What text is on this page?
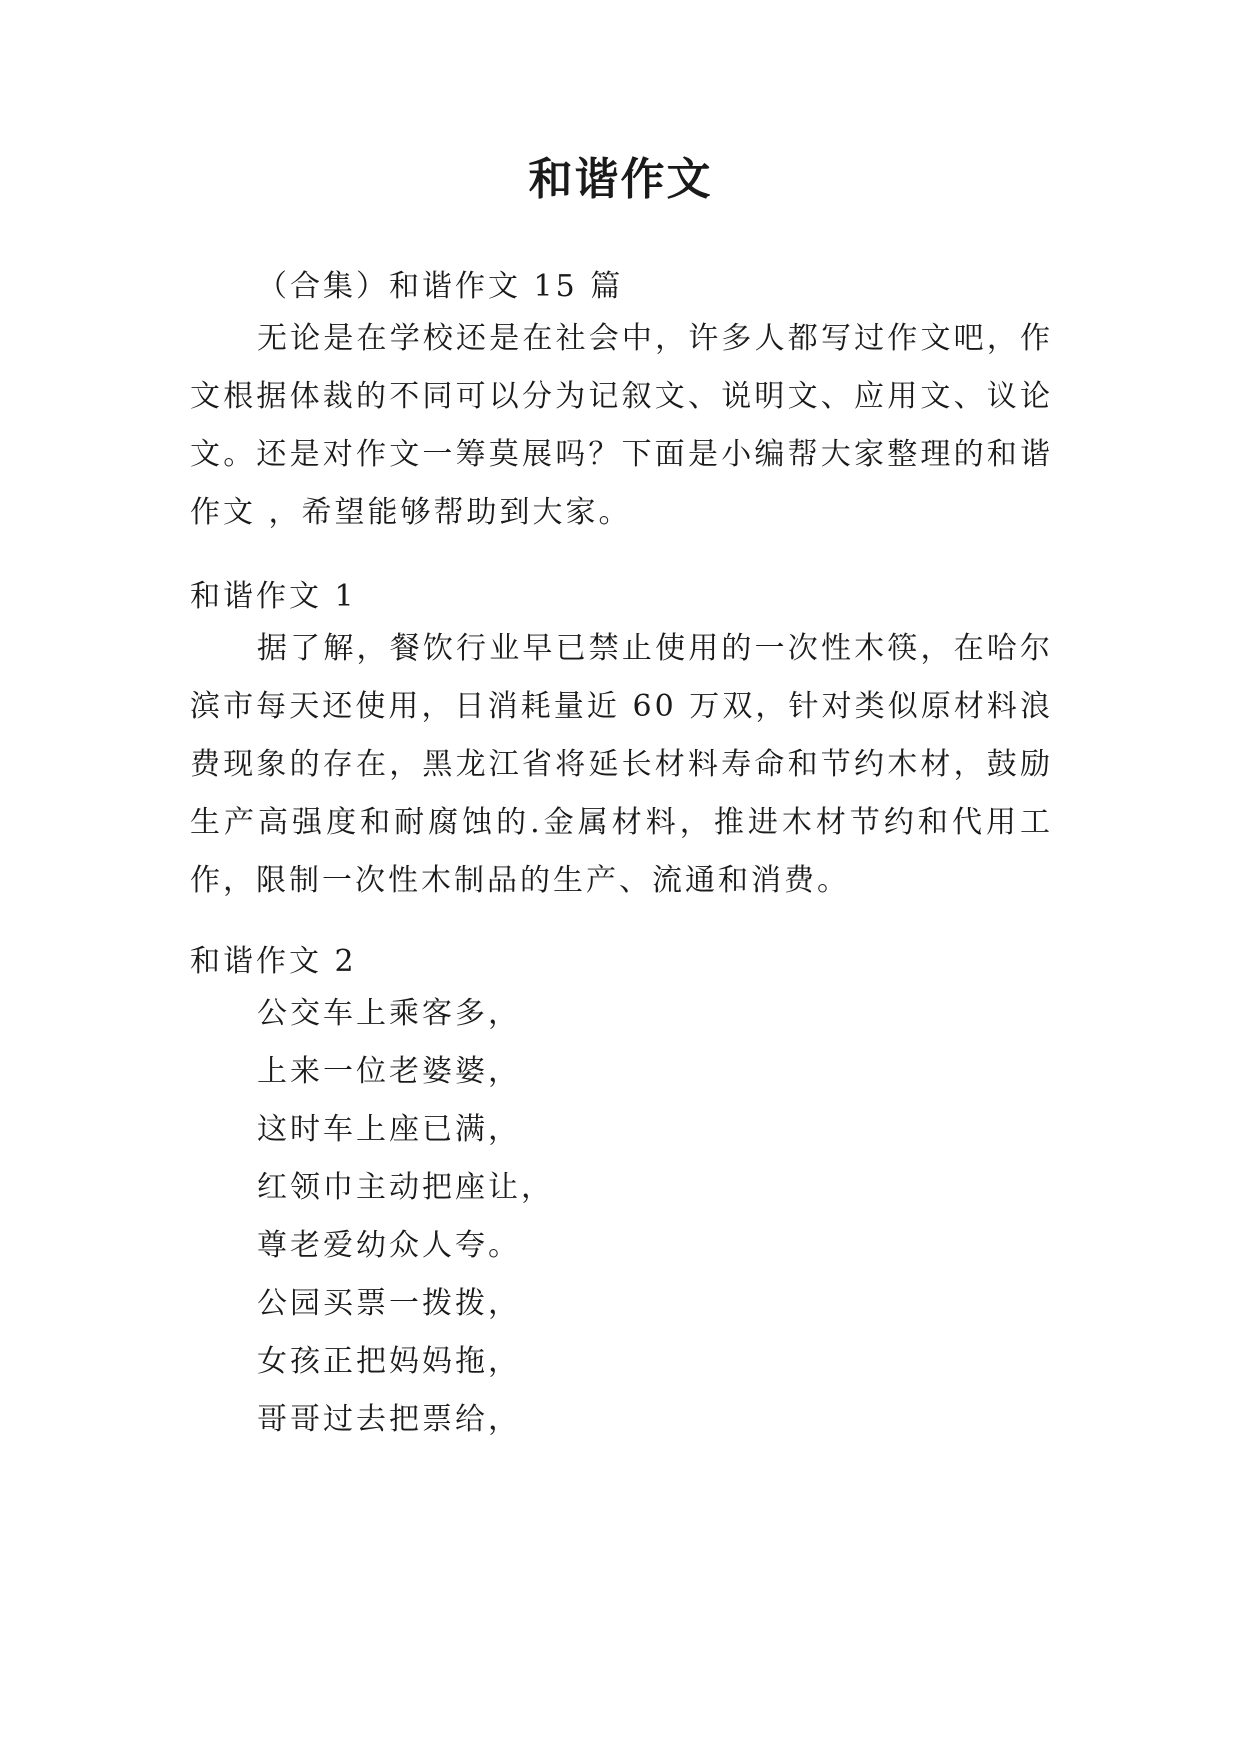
和谐作文

（合集）和谐作文 15 篇

无论是在学校还是在社会中，许多人都写过作文吧，作文根据体裁的不同可以分为记叙文、说明文、应用文、议论文。还是对作文一筹莫展吗？下面是小编帮大家整理的和谐作文 ，希望能够帮助到大家。

和谐作文 1

据了解，餐饮行业早已禁止使用的一次性木筷，在哈尔滨市每天还使用，日消耗量近 60 万双，针对类似原材料浪费现象的存在，黑龙江省将延长材料寿命和节约木材，鼓励生产高强度和耐腐蚀的.金属材料，推进木材节约和代用工作，限制一次性木制品的生产、流通和消费。

和谐作文 2

公交车上乘客多，
上来一位老婆婆，
这时车上座已满，
红领巾主动把座让，
尊老爱幼众人夸。
公园买票一拨拨，
女孩正把妈妈拖，
哥哥过去把票给，
